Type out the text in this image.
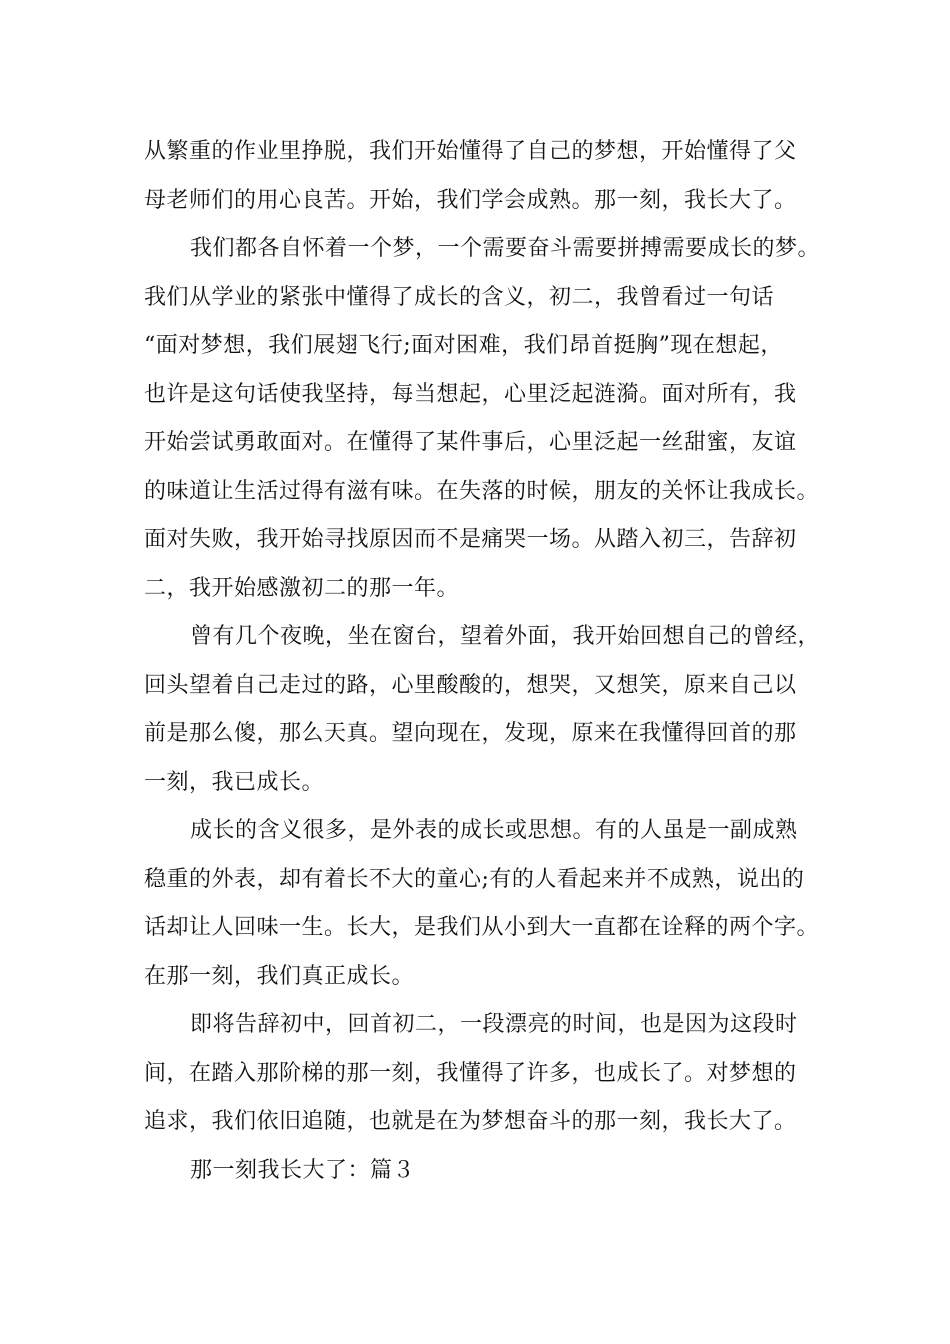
从繁重的作业里挣脱，我们开始懂得了自己的梦想，开始懂得了父
母老师们的用心良苦。开始，我们学会成熟。那一刻，我长大了。
我们都各自怀着一个梦，一个需要奋斗需要拼搏需要成长的梦。
我们从学业的紧张中懂得了成长的含义，初二，我曾看过一句话
“面对梦想，我们展翅飞行;面对困难，我们昂首挺胸”现在想起，
也许是这句话使我坚持，每当想起，心里泛起涟漪。面对所有，我
开始尝试勇敢面对。在懂得了某件事后，心里泛起一丝甜蜜，友谊
的味道让生活过得有滋有味。在失落的时候，朋友的关怀让我成长。
面对失败，我开始寻找原因而不是痛哭一场。从踏入初三，告辞初
二，我开始感激初二的那一年。
曾有几个夜晚，坐在窗台，望着外面，我开始回想自己的曾经，
回头望着自己走过的路，心里酸酸的，想哭，又想笑，原来自己以
前是那么傻，那么天真。望向现在，发现，原来在我懂得回首的那
一刻，我已成长。
成长的含义很多，是外表的成长或思想。有的人虽是一副成熟
稳重的外表，却有着长不大的童心;有的人看起来并不成熟，说出的
话却让人回味一生。长大，是我们从小到大一直都在诠释的两个字。
在那一刻，我们真正成长。
即将告辞初中，回首初二，一段漂亮的时间，也是因为这段时
间，在踏入那阶梯的那一刻，我懂得了许多，也成长了。对梦想的
追求，我们依旧追随，也就是在为梦想奋斗的那一刻，我长大了。
那一刻我长大了：篇３
